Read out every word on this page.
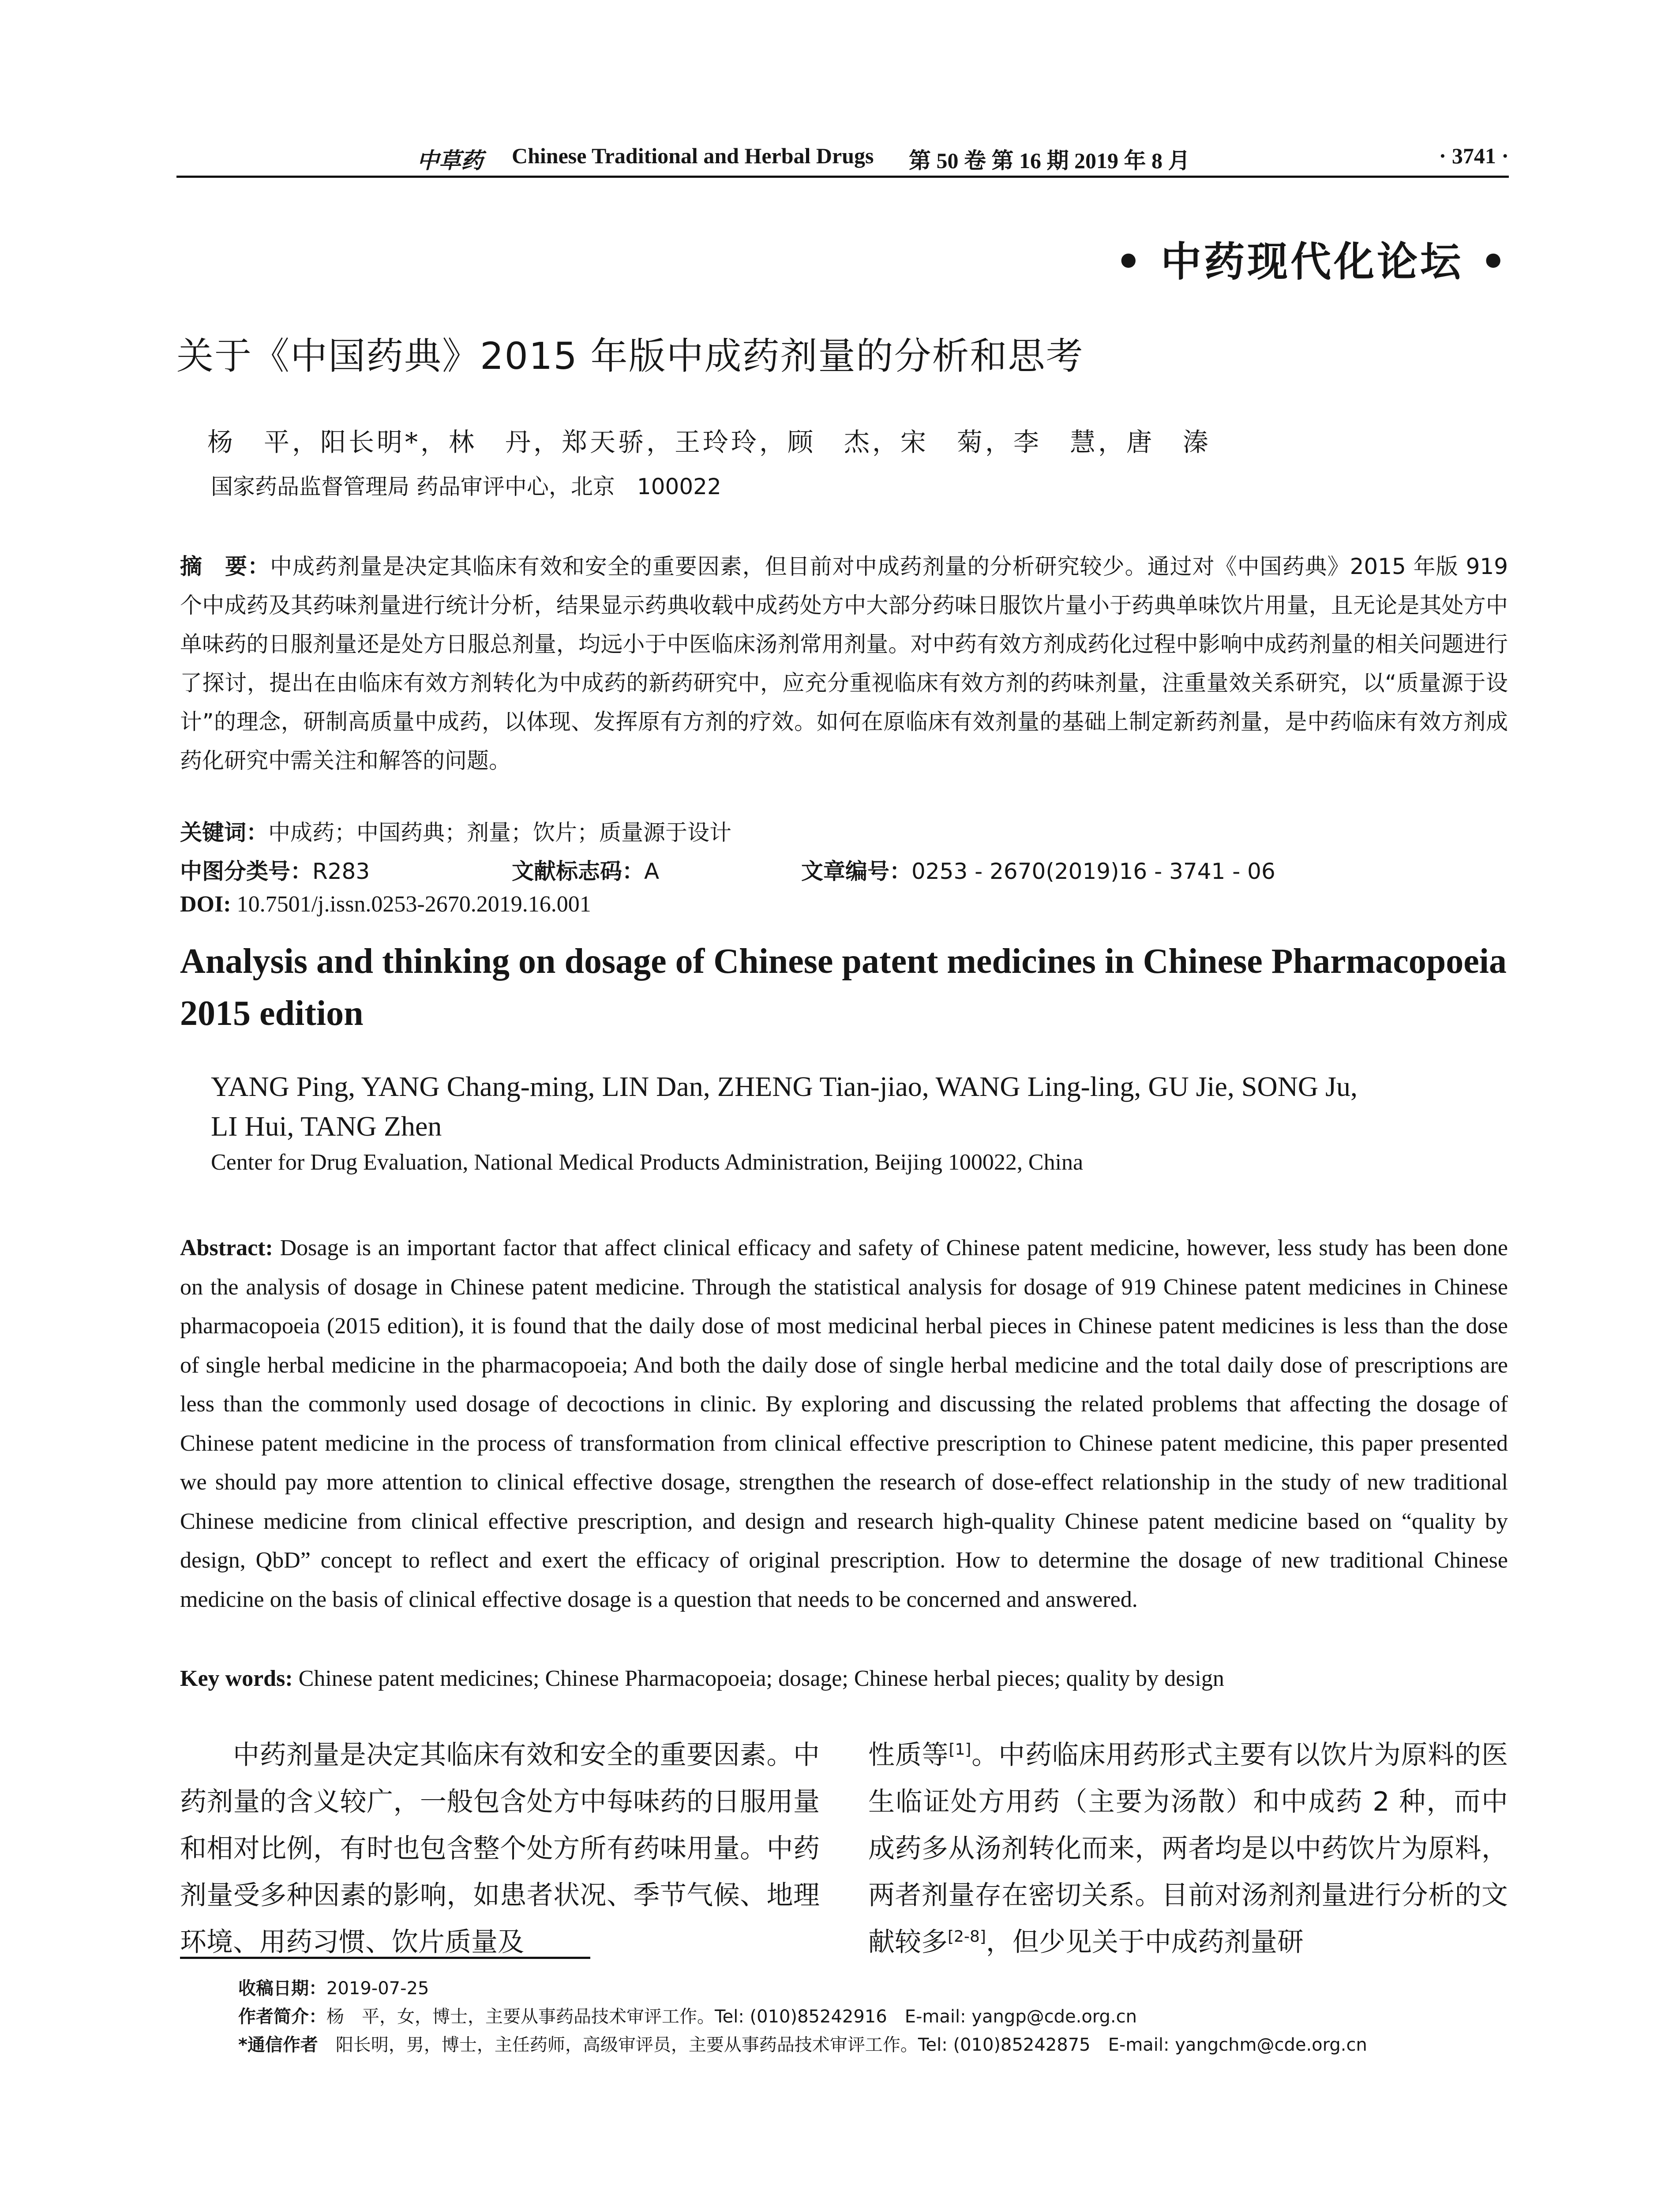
中草药 Chinese Traditional and Herbal Drugs 第 50 卷 第 16 期 2019 年 8 月	· 3741 ·
• 中药现代化论坛 •
关于《中国药典》2015 年版中成药剂量的分析和思考
杨　平，阳长明*，林　丹，郑天骄，王玲玲，顾　杰，宋　菊，李　慧，唐　溱
国家药品监督管理局 药品审评中心，北京　100022
摘　要：中成药剂量是决定其临床有效和安全的重要因素，但目前对中成药剂量的分析研究较少。通过对《中国药典》2015 年版 919 个中成药及其药味剂量进行统计分析，结果显示药典收载中成药处方中大部分药味日服饮片量小于药典单味饮片用量，且无论是其处方中单味药的日服剂量还是处方日服总剂量，均远小于中医临床汤剂常用剂量。对中药有效方剂成药化过程中影响中成药剂量的相关问题进行了探讨，提出在由临床有效方剂转化为中成药的新药研究中，应充分重视临床有效方剂的药味剂量，注重量效关系研究，以“质量源于设计”的理念，研制高质量中成药，以体现、发挥原有方剂的疗效。如何在原临床有效剂量的基础上制定新药剂量，是中药临床有效方剂成药化研究中需关注和解答的问题。
关键词：中成药；中国药典；剂量；饮片；质量源于设计
中图分类号：R283	文献标志码：A	文章编号：0253 - 2670(2019)16 - 3741 - 06
DOI: 10.7501/j.issn.0253-2670.2019.16.001
Analysis and thinking on dosage of Chinese patent medicines in Chinese Pharmacopoeia 2015 edition
YANG Ping, YANG Chang-ming, LIN Dan, ZHENG Tian-jiao, WANG Ling-ling, GU Jie, SONG Ju,
LI Hui, TANG Zhen
Center for Drug Evaluation, National Medical Products Administration, Beijing 100022, China
Abstract: Dosage is an important factor that affect clinical efficacy and safety of Chinese patent medicine, however, less study has been done on the analysis of dosage in Chinese patent medicine. Through the statistical analysis for dosage of 919 Chinese patent medicines in Chinese pharmacopoeia (2015 edition), it is found that the daily dose of most medicinal herbal pieces in Chinese patent medicines is less than the dose of single herbal medicine in the pharmacopoeia; And both the daily dose of single herbal medicine and the total daily dose of prescriptions are less than the commonly used dosage of decoctions in clinic. By exploring and discussing the related problems that affecting the dosage of Chinese patent medicine in the process of transformation from clinical effective prescription to Chinese patent medicine, this paper presented we should pay more attention to clinical effective dosage, strengthen the research of dose-effect relationship in the study of new traditional Chinese medicine from clinical effective prescription, and design and research high-quality Chinese patent medicine based on “quality by design, QbD” concept to reflect and exert the efficacy of original prescription. How to determine the dosage of new traditional Chinese medicine on the basis of clinical effective dosage is a question that needs to be concerned and answered.
Key words: Chinese patent medicines; Chinese Pharmacopoeia; dosage; Chinese herbal pieces; quality by design
中药剂量是决定其临床有效和安全的重要因素。中药剂量的含义较广，一般包含处方中每味药的日服用量和相对比例，有时也包含整个处方所有药味用量。中药剂量受多种因素的影响，如患者状况、季节气候、地理环境、用药习惯、饮片质量及
性质等[1]。中药临床用药形式主要有以饮片为原料的医生临证处方用药（主要为汤散）和中成药 2 种，而中成药多从汤剂转化而来，两者均是以中药饮片为原料，两者剂量存在密切关系。目前对汤剂剂量进行分析的文献较多[2-8]，但少见关于中成药剂量研
收稿日期：2019-07-25
作者简介：杨　平，女，博士，主要从事药品技术审评工作。Tel: (010)85242916　E-mail: yangp@cde.org.cn
*通信作者　阳长明，男，博士，主任药师，高级审评员，主要从事药品技术审评工作。Tel: (010)85242875　E-mail: yangchm@cde.org.cn
